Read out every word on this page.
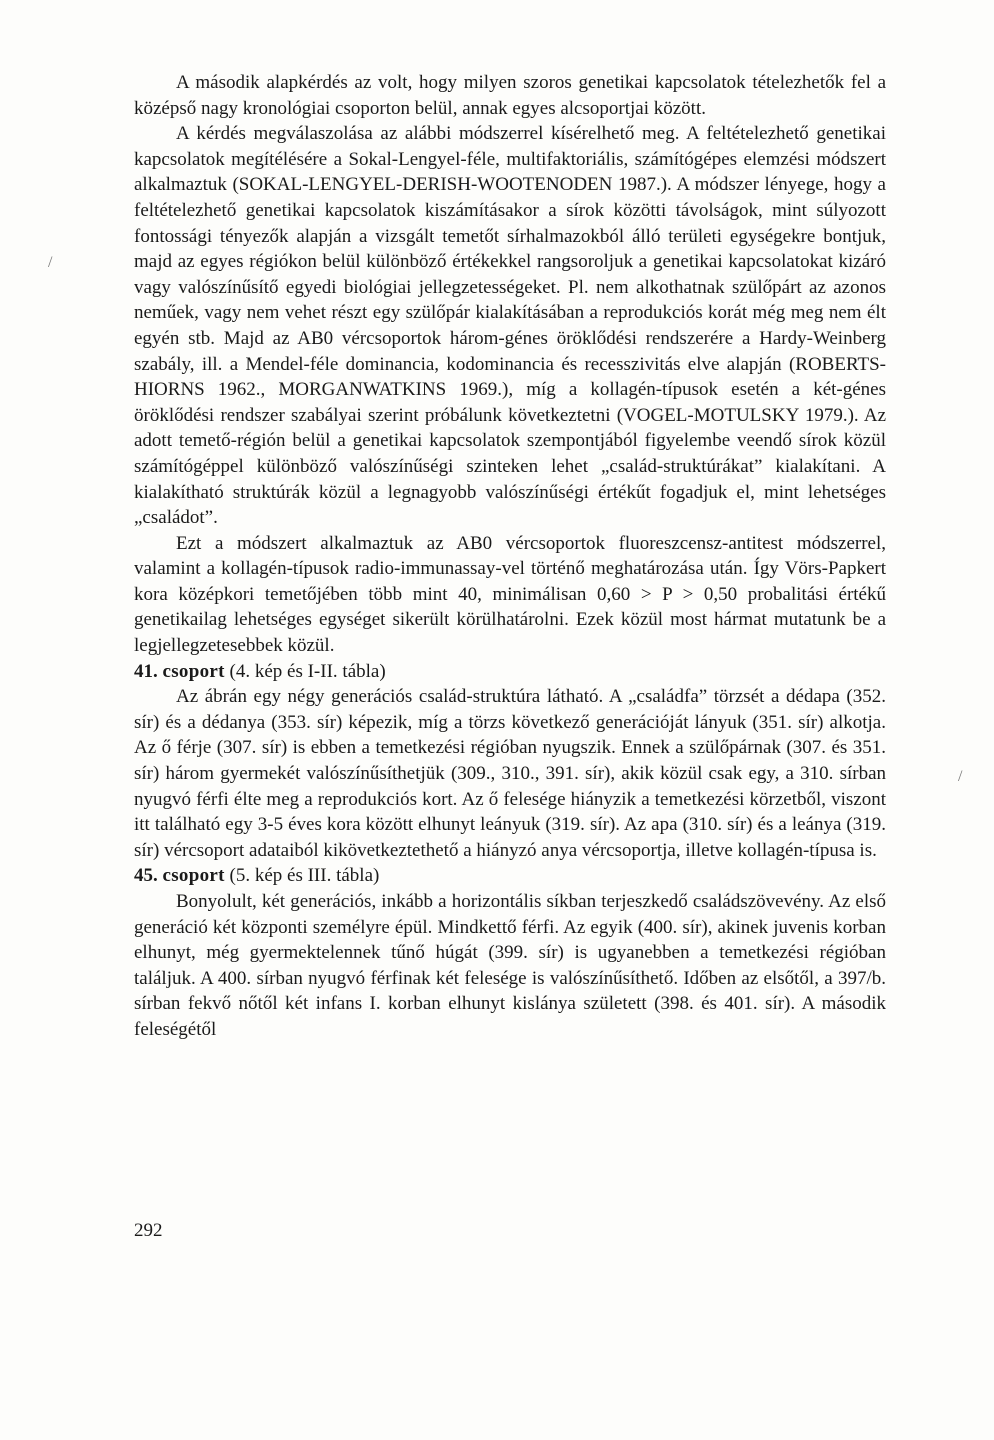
/
/

A második alapkérdés az volt, hogy milyen szoros genetikai kapcsolatok tételezhetők fel a középső nagy kronológiai csoporton belül, annak egyes alcsoportjai között.

A kérdés megválaszolása az alábbi módszerrel kísérelhető meg. A feltételezhető genetikai kapcsolatok megítélésére a Sokal-Lengyel-féle, multifaktoriális, számítógépes elemzési módszert alkalmaztuk (SOKAL-LENGYEL-DERISH-WOOTENODEN 1987.). A módszer lényege, hogy a feltételezhető genetikai kapcsolatok kiszámításakor a sírok közötti távolságok, mint súlyozott fontossági tényezők alapján a vizsgált temetőt sírhalmazokból álló területi egységekre bontjuk, majd az egyes régiókon belül különböző értékekkel rangsoroljuk a genetikai kapcsolatokat kizáró vagy valószínűsítő egyedi biológiai jellegzetességeket. Pl. nem alkothatnak szülőpárt az azonos neműek, vagy nem vehet részt egy szülőpár kialakításában a reprodukciós korát még meg nem élt egyén stb. Majd az AB0 vércsoportok három-génes öröklődési rendszerére a Hardy-Weinberg szabály, ill. a Mendel-féle dominancia, kodominancia és recesszivitás elve alapján (ROBERTS-HIORNS 1962., MORGANWATKINS 1969.), míg a kollagén-típusok esetén a két-génes öröklődési rendszer szabályai szerint próbálunk következtetni (VOGEL-MOTULSKY 1979.). Az adott temető-régión belül a genetikai kapcsolatok szempontjából figyelembe veendő sírok közül számítógéppel különböző valószínűségi szinteken lehet „család-struktúrákat” kialakítani. A kialakítható struktúrák közül a legnagyobb valószínűségi értékűt fogadjuk el, mint lehetséges „családot”.

Ezt a módszert alkalmaztuk az AB0 vércsoportok fluoreszcensz-antitest módszerrel, valamint a kollagén-típusok radio-immunassay-vel történő meghatározása után. Így Vörs-Papkert kora középkori temetőjében több mint 40, minimálisan 0,60 > P > 0,50 probalitási értékű genetikailag lehetséges egységet sikerült körülhatárolni. Ezek közül most hármat mutatunk be a legjellegzetesebbek közül.

41. csoport (4. kép és I-II. tábla)

Az ábrán egy négy generációs család-struktúra látható. A „családfa” törzsét a dédapa (352. sír) és a dédanya (353. sír) képezik, míg a törzs következő generációját lányuk (351. sír) alkotja. Az ő férje (307. sír) is ebben a temetkezési régióban nyugszik. Ennek a szülőpárnak (307. és 351. sír) három gyermekét valószínűsíthetjük (309., 310., 391. sír), akik közül csak egy, a 310. sírban nyugvó férfi élte meg a reprodukciós kort. Az ő felesége hiányzik a temetkezési körzetből, viszont itt található egy 3-5 éves kora között elhunyt leányuk (319. sír). Az apa (310. sír) és a leánya (319. sír) vércsoport adataiból kikövetkeztethető a hiányzó anya vércsoportja, illetve kollagén-típusa is.

45. csoport (5. kép és III. tábla)

Bonyolult, két generációs, inkább a horizontális síkban terjeszkedő családszövevény. Az első generáció két központi személyre épül. Mindkettő férfi. Az egyik (400. sír), akinek juvenis korban elhunyt, még gyermektelennek tűnő húgát (399. sír) is ugyanebben a temetkezési régióban találjuk. A 400. sírban nyugvó férfinak két felesége is valószínűsíthető. Időben az elsőtől, a 397/b. sírban fekvő nőtől két infans I. korban elhunyt kislánya született (398. és 401. sír). A második feleségétől

292
